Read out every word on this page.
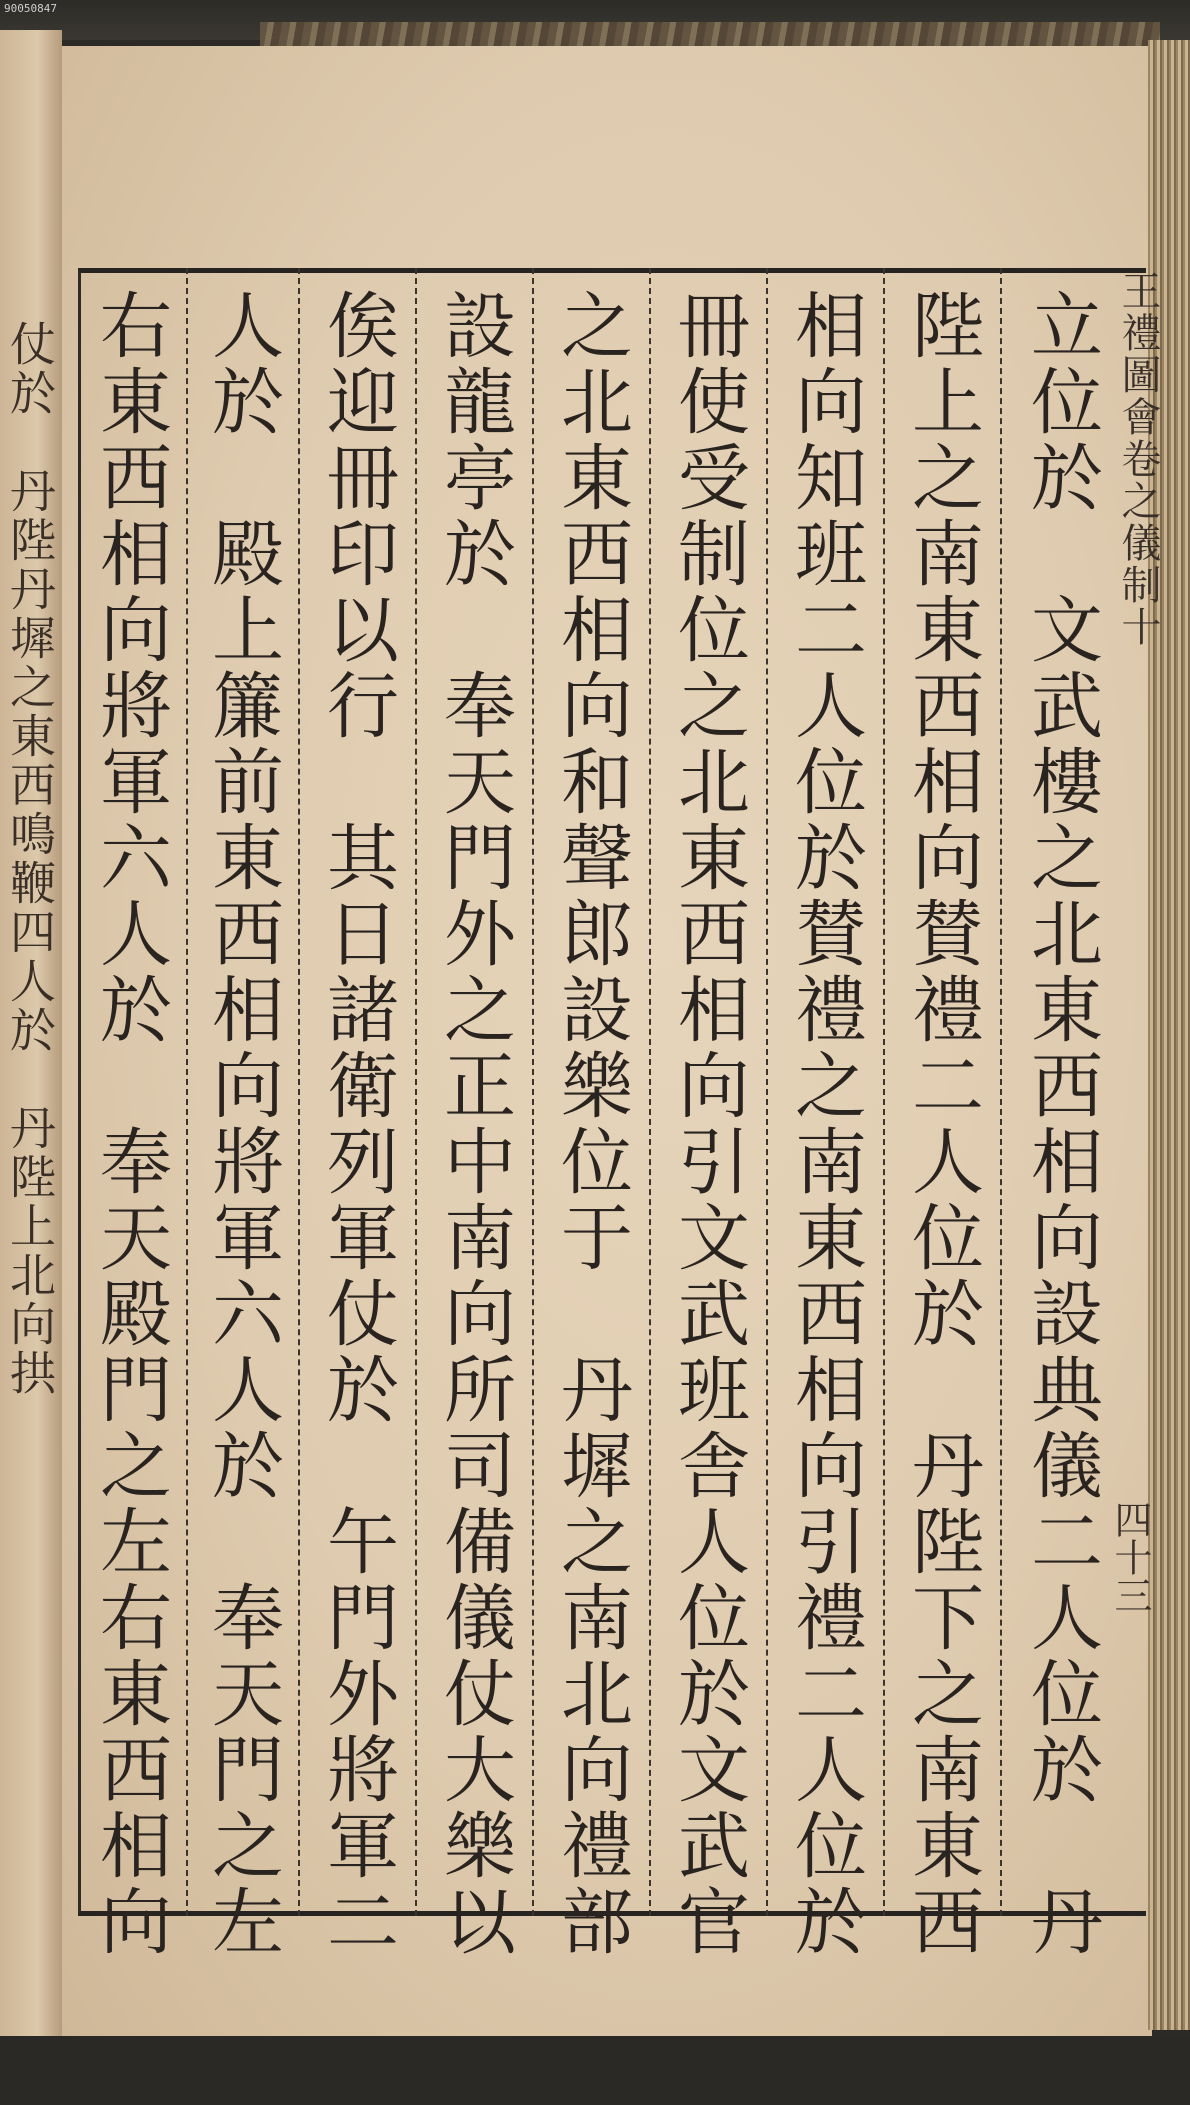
90050847
仗於　丹陛丹墀之東西鳴鞭四人於　丹陛上北向拱	立位於　文武樓之北東西相向設典儀二人位於　丹
陛上之南東西相向賛禮二人位於　丹陛下之南東西
相向知班二人位於賛禮之南東西相向引禮二人位於
冊使受制位之北東西相向引文武班舎人位於文武官
之北東西相向和聲郎設樂位于　丹墀之南北向禮部
設龍亭於　奉天門外之正中南向所司備儀仗大樂以
俟迎冊印以行　其日諸衛列軍仗於　午門外將軍二
人於　殿上簾前東西相向將軍六人於　奉天門之左
右東西相向將軍六人於　奉天殿門之左右東西相向	王禮圖會卷之儀制十
四十三
